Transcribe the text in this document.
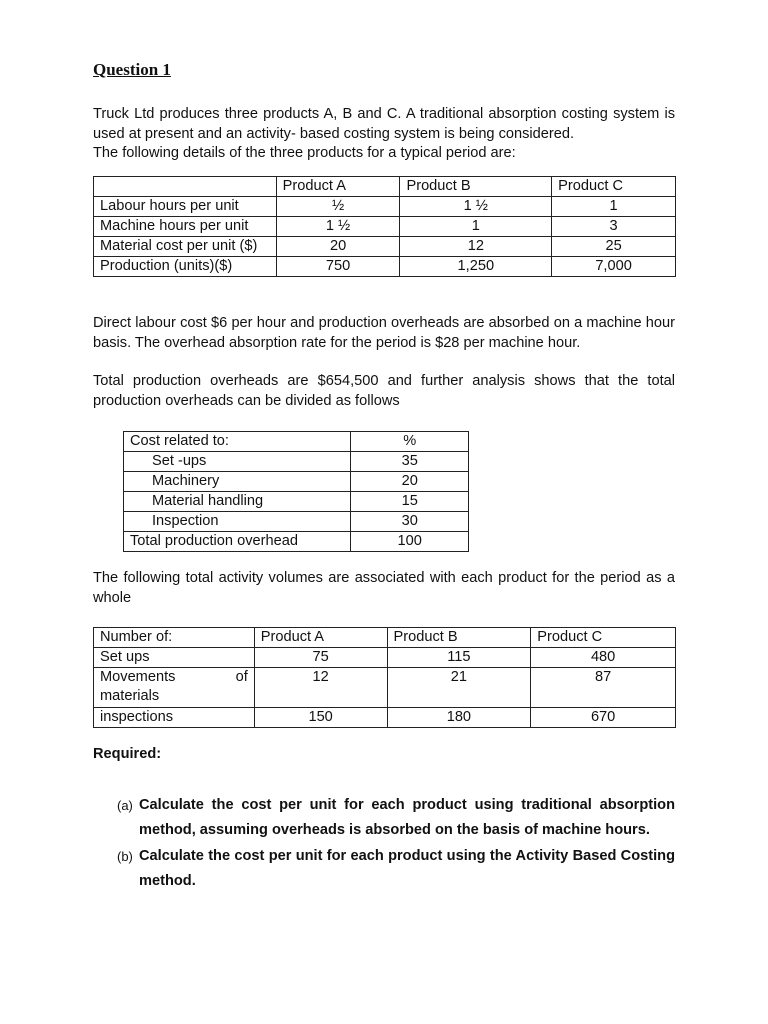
Question 1
Truck Ltd produces three products A, B and C. A traditional absorption costing system is used at present and an activity- based costing system is being considered.
The following details of the three products for a typical period are:
	Product A	Product B	Product C
Labour hours per unit	½	1 ½	1
Machine hours per unit	1 ½	1	3
Material cost per unit ($)	20	12	25
Production (units)($)	750	1,250	7,000
Direct labour cost $6 per hour and production overheads are absorbed on a machine hour basis. The overhead absorption rate for the period is $28 per machine hour.
Total production overheads are $654,500 and further analysis shows that the total production overheads can be divided as follows
Cost related to:	%
Set -ups	35
Machinery	20
Material handling	15
Inspection	30
Total production overhead	100
The following total activity volumes are associated with each product for the period as a whole
Number of:	Product A	Product B	Product C
Set ups	75	115	480
Movements of materials	12	21	87
inspections	150	180	670
Required:
(a) Calculate the cost per unit for each product using traditional absorption method, assuming overheads is absorbed on the basis of machine hours.
(b) Calculate the cost per unit for each product using the Activity Based Costing method.
